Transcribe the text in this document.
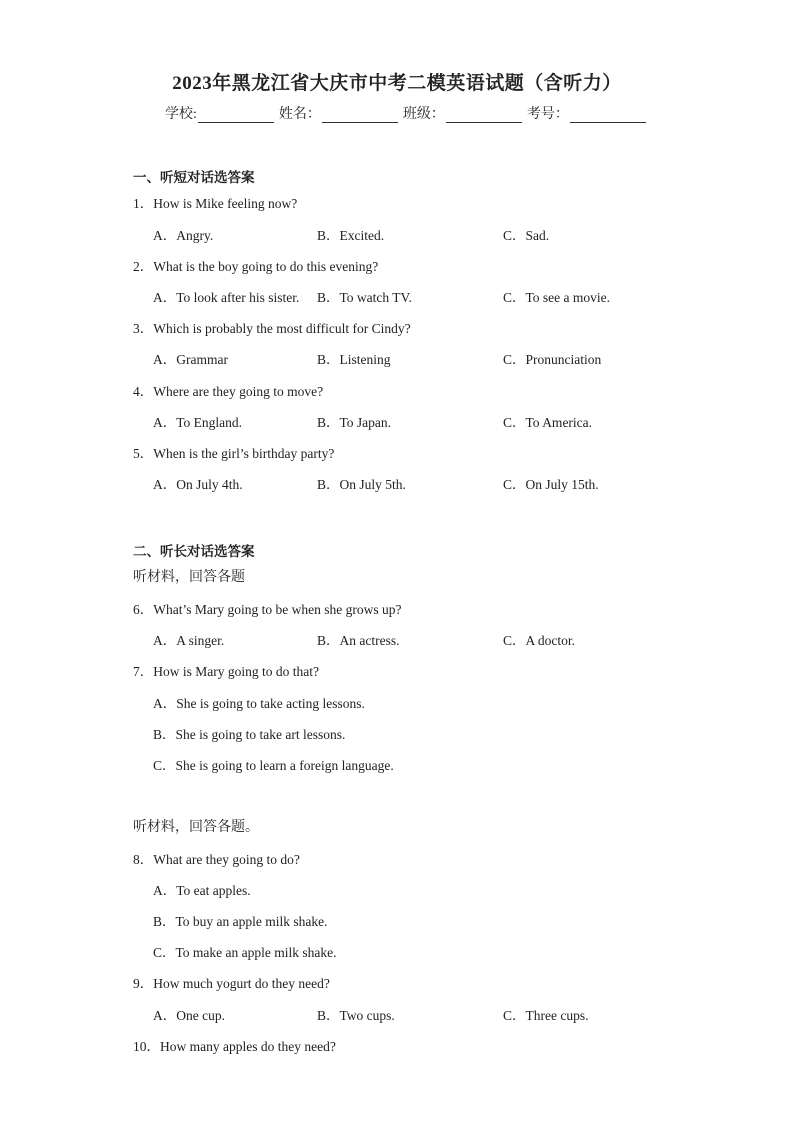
2023年黑龙江省大庆市中考二模英语试题（含听力）
学校:	姓名：	班级：	考号：
一、听短对话选答案
1．How is Mike feeling now?
A．Angry.	B．Excited.	C．Sad.
2．What is the boy going to do this evening?
A．To look after his sister. B．To watch TV.	C．To see a movie.
3．Which is probably the most difficult for Cindy?
A．Grammar	B．Listening	C．Pronunciation
4．Where are they going to move?
A．To England.	B．To Japan.	C．To America.
5．When is the girl’s birthday party?
A．On July 4th.	B．On July 5th.	C．On July 15th.
二、听长对话选答案
听材料，回答各题
6．What’s Mary going to be when she grows up?
A．A singer.	B．An actress.	C．A doctor.
7．How is Mary going to do that?
A．She is going to take acting lessons.
B．She is going to take art lessons.
C．She is going to learn a foreign language.
听材料，回答各题。
8．What are they going to do?
A．To eat apples.
B．To buy an apple milk shake.
C．To make an apple milk shake.
9．How much yogurt do they need?
A．One cup.	B．Two cups.	C．Three cups.
10．How many apples do they need?
